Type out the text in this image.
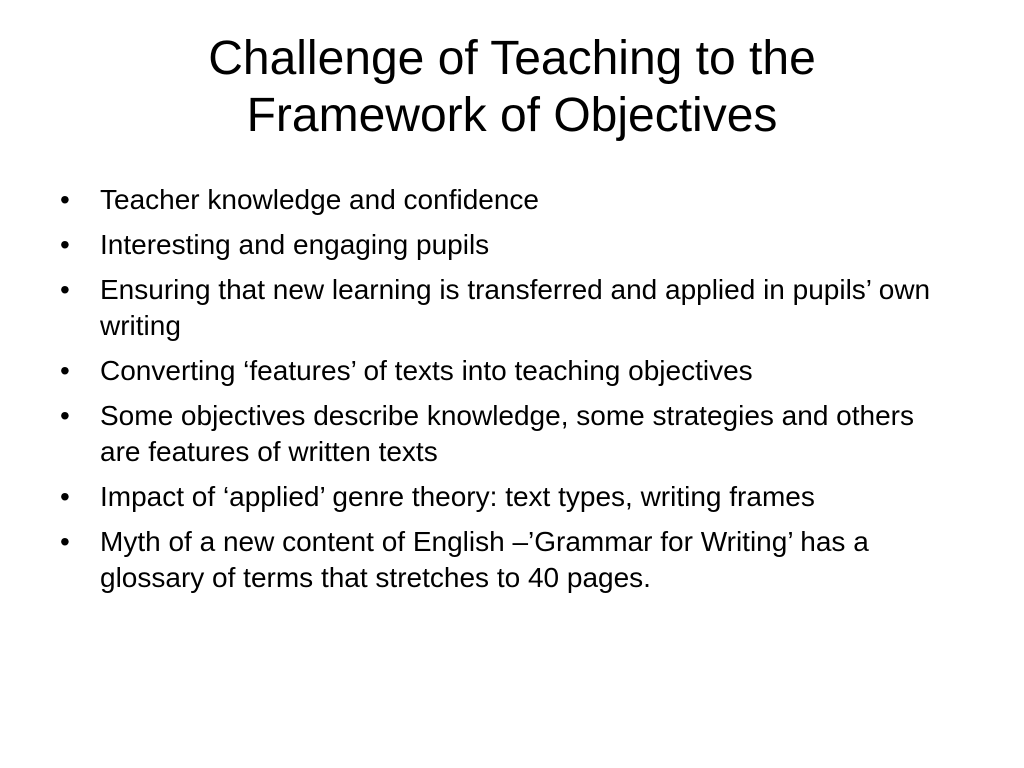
Challenge of Teaching to the
Framework of Objectives
•	Teacher knowledge and confidence
•	Interesting and engaging pupils
•	Ensuring that new learning is transferred and applied in pupils’ own writing
•	Converting ‘features’ of texts into teaching objectives
•	Some objectives describe knowledge, some strategies and others are features of written texts
•	Impact of ‘applied’ genre theory: text types, writing frames
•	Myth of a new content of English –’Grammar for Writing’ has a glossary of terms that stretches to 40 pages.
